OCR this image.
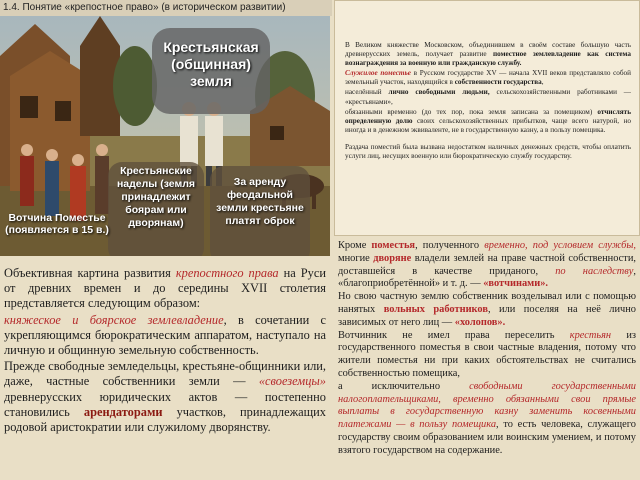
1.4. Понятие «крепостное право» (в историческом развитии)
Крестьянская (общинная) земля
Крестьянские наделы (земля принадлежит боярам или дворянам)
За аренду феодальной земли крестьяне платят оброк
Вотчина Поместье (появляется в 15 в.)

Объективная картина развития крепостного права на Руси от древних времен и до середины XVII столетия представляется следующим образом:

княжеское и боярское землевладение, в сочетании с укрепляющимся бюрократическим аппаратом, наступало на личную и общинную земельную собственность.

Прежде свободные земледельцы, крестьяне-общинники или, даже, частные собственники земли — «своеземцы» древнерусских юридических актов — постепенно становились арендаторами участков, принадлежащих родовой аристократии или служилому дворянству.

В Великом княжестве Московском, объединившем в своём составе большую часть древнерусских земель, получает развитие поместное землевладение как система вознаграждения за военную или гражданскую службу.

Служилое поместье в Русском государстве XV — начала XVII веков представляло собой земельный участок, находящийся в собственности государства,

населённый лично свободными людьми, сельскохозяйственными работниками — «крестьянами»,

обязанными временно (до тех пор, пока земля записана за помещиком) отчислять определенную долю своих сельскохозяйственных прибытков, чаще всего натурой, но иногда и в денежном эквиваленте, не в государственную казну, а в пользу помещика.

Раздача поместий была вызвана недостатком наличных денежных средств, чтобы оплатить услуги лиц, несущих военную или бюрократическую службу государству.

Кроме поместья, полученного временно, под условием службы, многие дворяне владели землей на праве частной собственности, доставшейся в качестве приданого, по наследству, «благоприобретённой» и т. д. — «вотчинами».

Но свою частную землю собственник возделывал или с помощью нанятых вольных работников, или поселяя на неё лично зависимых от него лиц — «холопов».

Вотчинник не имел права переселить крестьян из государственного поместья в свои частные владения, потому что жители поместья ни при каких обстоятельствах не считались собственностью помещика,

а исключительно свободными государственными налогоплательщиками, временно обязанными свои прямые выплаты в государственную казну заменить косвенными платежами — в пользу помещика, то есть человека, служащего государству своим образованием или воинским умением, и потому взятого государством на содержание.
